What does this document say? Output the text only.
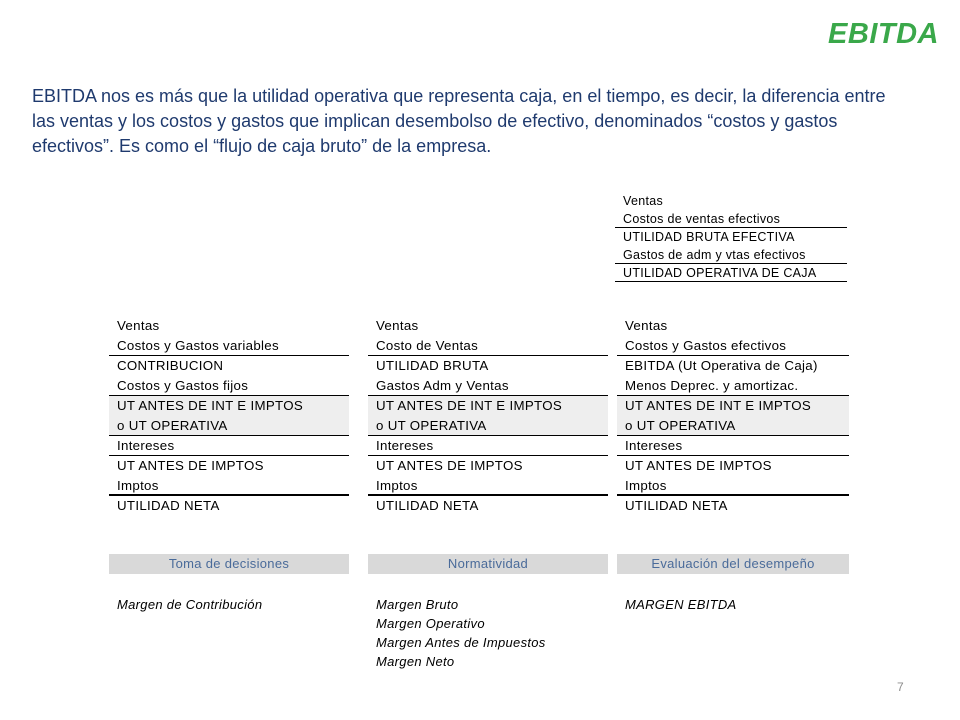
EBITDA

EBITDA nos es más que la utilidad operativa que representa caja, en el tiempo, es decir, la diferencia entre las ventas y los costos y gastos que implican desembolso de efectivo, denominados “costos y gastos efectivos”. Es como el “flujo de caja bruto” de la empresa.

Ventas
Costos de ventas efectivos
UTILIDAD BRUTA EFECTIVA
Gastos de adm y vtas efectivos
UTILIDAD OPERATIVA DE CAJA
Ventas
Costos y Gastos variables
CONTRIBUCION
Costos y Gastos fijos
UT ANTES DE INT E IMPTOS
o UT OPERATIVA
Intereses
UT ANTES DE IMPTOS
Imptos
UTILIDAD NETA
Ventas
Costo de Ventas
UTILIDAD BRUTA
Gastos Adm y Ventas
UT ANTES DE INT E IMPTOS
o UT OPERATIVA
Intereses
UT ANTES DE IMPTOS
Imptos
UTILIDAD NETA
Ventas
Costos y Gastos efectivos
EBITDA (Ut Operativa de Caja)
Menos Deprec. y amortizac.
UT ANTES DE INT E IMPTOS
o UT OPERATIVA
Intereses
UT ANTES DE IMPTOS
Imptos
UTILIDAD NETA
Toma de decisiones	Normatividad	Evaluación del desempeño
Margen de Contribución	Margen Bruto
Margen Operativo
Margen Antes de Impuestos
Margen Neto
MARGEN EBITDA
7
